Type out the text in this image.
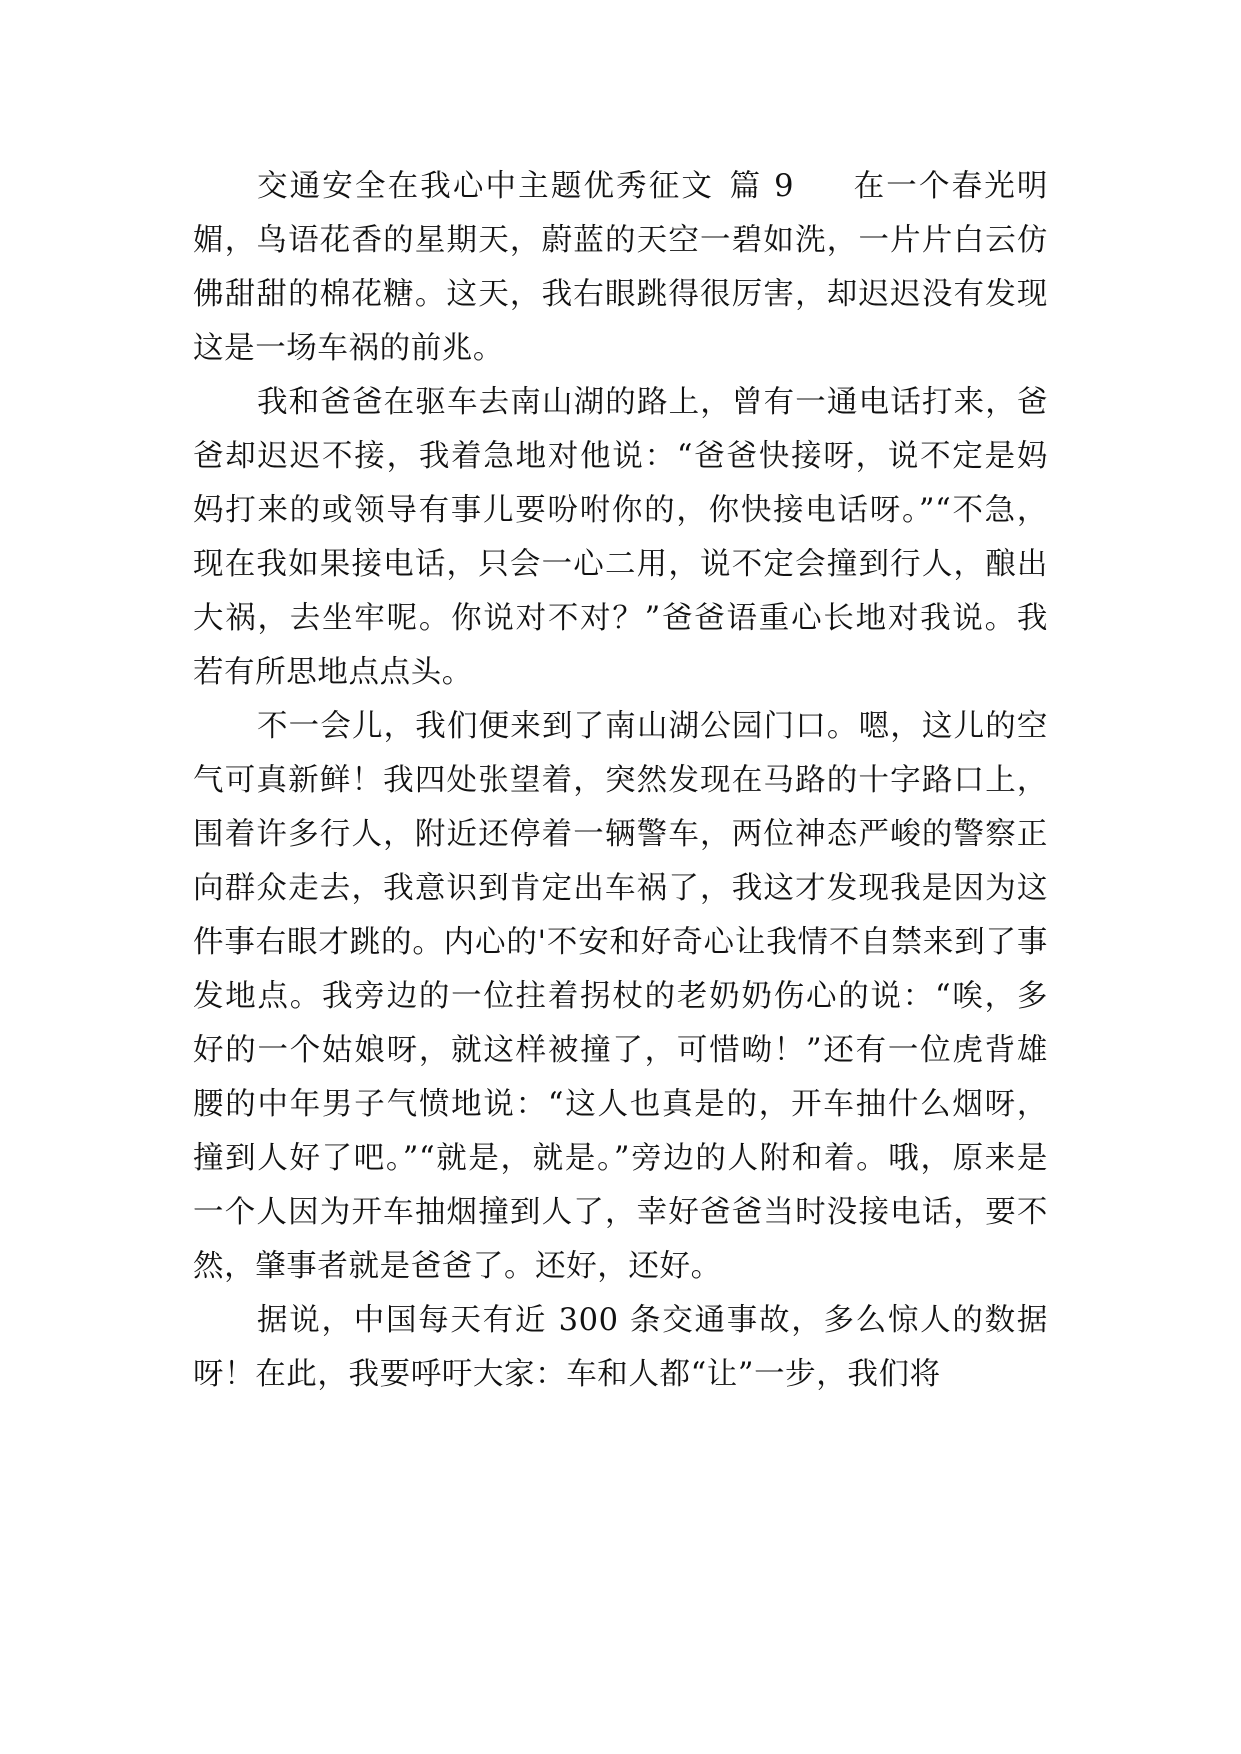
交通安全在我心中主题优秀征文 篇 9 在一个春光明媚，鸟语花香的星期天，蔚蓝的天空一碧如洗，一片片白云仿佛甜甜的棉花糖。这天，我右眼跳得很厉害，却迟迟没有发现这是一场车祸的前兆。

我和爸爸在驱车去南山湖的路上，曾有一通电话打来，爸爸却迟迟不接，我着急地对他说：“爸爸快接呀，说不定是妈妈打来的或领导有事儿要吩咐你的，你快接电话呀。”“不急，现在我如果接电话，只会一心二用，说不定会撞到行人，酿出大祸，去坐牢呢。你说对不对？”爸爸语重心长地对我说。我若有所思地点点头。

不一会儿，我们便来到了南山湖公园门口。嗯，这儿的空气可真新鲜！我四处张望着，突然发现在马路的十字路口上，围着许多行人，附近还停着一辆警车，两位神态严峻的警察正向群众走去，我意识到肯定出车祸了，我这才发现我是因为这件事右眼才跳的。内心的'不安和好奇心让我情不自禁来到了事发地点。我旁边的一位拄着拐杖的老奶奶伤心的说：“唉，多好的一个姑娘呀，就这样被撞了，可惜呦！”还有一位虎背雄腰的中年男子气愤地说：“这人也真是的，开车抽什么烟呀，撞到人好了吧。”“就是，就是。”旁边的人附和着。哦，原来是一个人因为开车抽烟撞到人了，幸好爸爸当时没接电话，要不然，肇事者就是爸爸了。还好，还好。

据说，中国每天有近 300 条交通事故，多么惊人的数据呀！在此，我要呼吁大家：车和人都“让”一步，我们将
